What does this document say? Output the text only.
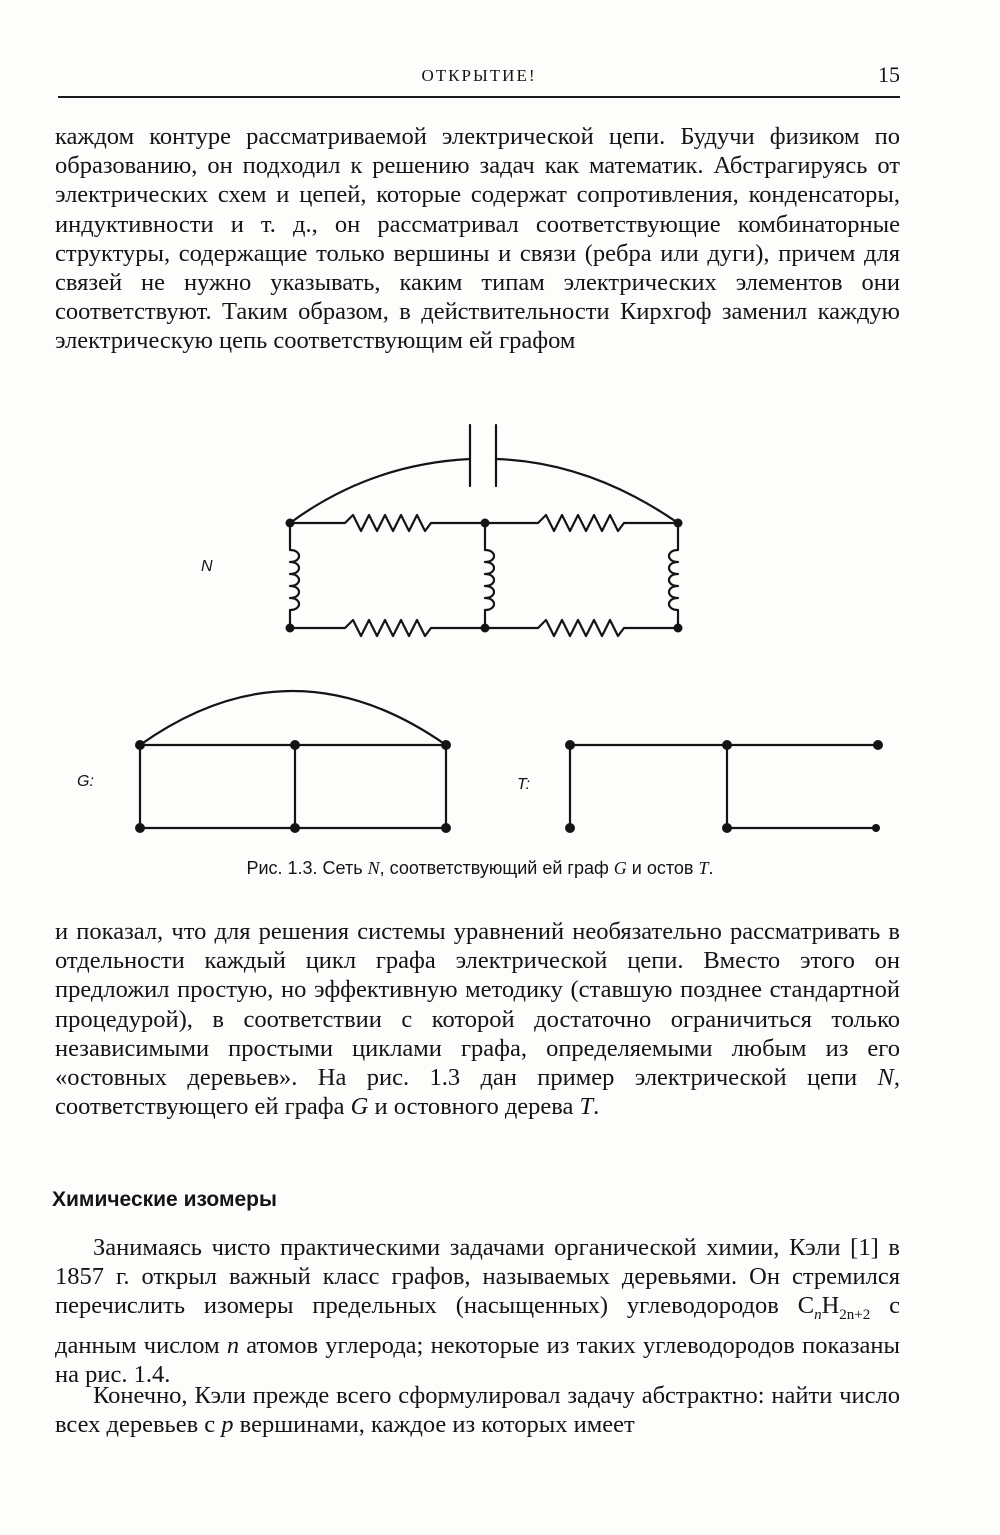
ОТКРЫТИЕ!	15

каждом контуре рассматриваемой электрической цепи. Будучи физиком по образованию, он подходил к решению задач как математик. Абстрагируясь от электрических схем и цепей, которые содержат сопротивления, конденсаторы, индуктивности и т. д., он рассматривал соответствующие комбинаторные структуры, содержащие только вершины и связи (ребра или дуги), причем для связей не нужно указывать, каким типам электрических элементов они соответствуют. Таким образом, в действительности Кирхгоф заменил каждую электрическую цепь соответствующим ей графом

N
G:	T:
Рис. 1.3. Сеть N, соответствующий ей граф G и остов T.

и показал, что для решения системы уравнений необязательно рассматривать в отдельности каждый цикл графа электрической цепи. Вместо этого он предложил простую, но эффективную методику (ставшую позднее стандартной процедурой), в соответствии с которой достаточно ограничиться только независимыми простыми циклами графа, определяемыми любым из его «остовных деревьев». На рис. 1.3 дан пример электрической цепи N, соответствующего ей графа G и остовного дерева T.

Химические изомеры

Занимаясь чисто практическими задачами органической химии, Кэли [1] в 1857 г. открыл важный класс графов, называемых деревьями. Он стремился перечислить изомеры предельных (насыщенных) углеводородов $C_nH_{2n+2}$ с данным числом n атомов углерода; некоторые из таких углеводородов показаны на рис. 1.4.

Конечно, Кэли прежде всего сформулировал задачу абстрактно: найти число всех деревьев с p вершинами, каждое из которых имеет
